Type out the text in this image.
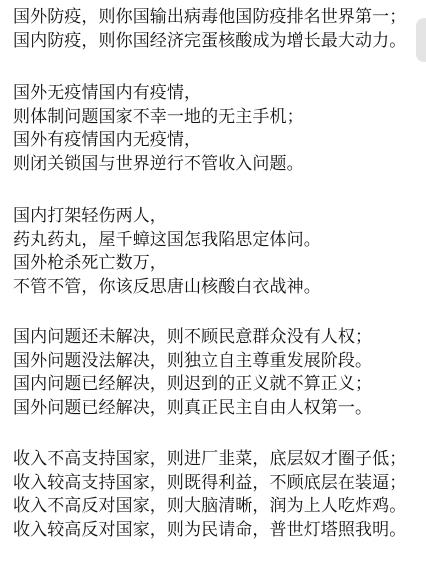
国外防疫，则你国输出病毒他国防疫排名世界第一；
国内防疫，则你国经济完蛋核酸成为增长最大动力。
国外无疫情国内有疫情，
则体制问题国家不幸一地的无主手机；
国外有疫情国内无疫情，
则闭关锁国与世界逆行不管收入问题。
国内打架轻伤两人，
药丸药丸，屋千蟑这国怎我陷思定体问。
国外枪杀死亡数万，
不管不管，你该反思唐山核酸白衣战神。
国内问题还未解决，则不顾民意群众没有人权；
国外问题没法解决，则独立自主尊重发展阶段。
国内问题已经解决，则迟到的正义就不算正义；
国外问题已经解决，则真正民主自由人权第一。
收入不高支持国家，则进厂韭菜，底层奴才圈子低；
收入较高支持国家，则既得利益，不顾底层在装逼；
收入不高反对国家，则大脑清晰，润为上人吃炸鸡。
收入较高反对国家，则为民请命，普世灯塔照我明。
